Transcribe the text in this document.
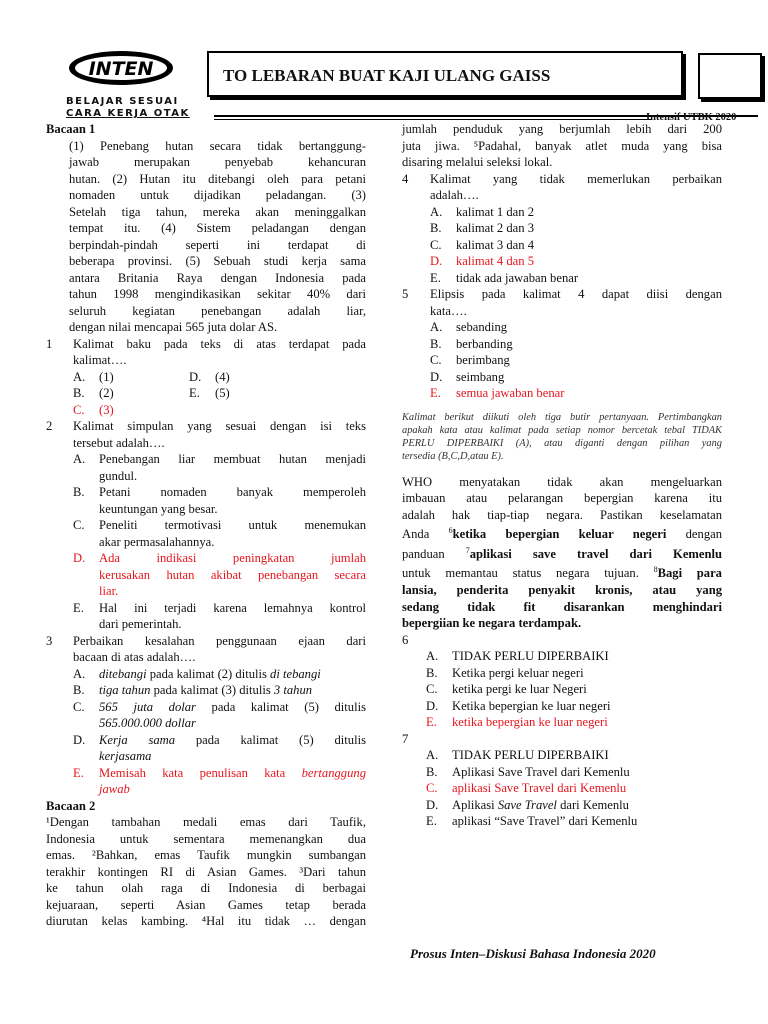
INTEN
BELAJAR SESUAI
CARA KERJA OTAK
TO LEBARAN BUAT KAJI ULANG GAISS
Intensif UTBK 2020

Bacaan 1

(1) Penebang hutan secara tidak bertanggung-

jawab merupakan penyebab kehancuran

hutan. (2) Hutan itu ditebangi oleh para petani

nomaden untuk dijadikan peladangan. (3)

Setelah tiga tahun, mereka akan meninggalkan

tempat itu. (4) Sistem peladangan dengan

berpindah-pindah seperti ini terdapat di

beberapa provinsi. (5) Sebuah studi kerja sama

antara Britania Raya dengan Indonesia pada

tahun 1998 mengindikasikan sekitar 40% dari

seluruh kegiatan penebangan adalah liar,

dengan nilai mencapai 565 juta dolar AS.

1 Kalimat baku pada teks di atas terdapat pada

kalimat….

A. (1)	D. (4)
B. (2)	E. (5)
C. (3)
2 Kalimat simpulan yang sesuai dengan isi teks

tersebut adalah….

A. Penebangan liar membuat hutan menjadi

gundul.

B. Petani nomaden banyak memperoleh

keuntungan yang besar.

C. Peneliti termotivasi untuk menemukan

akar permasalahannya.

D. Ada indikasi peningkatan jumlah

kerusakan hutan akibat penebangan secara

liar.

E. Hal ini terjadi karena lemahnya kontrol

dari pemerintah.

3 Perbaikan kesalahan penggunaan ejaan dari

bacaan di atas adalah….

A. ditebangi pada kalimat (2) ditulis di tebangi
B. tiga tahun pada kalimat (3) ditulis 3 tahun
C. 565 juta dolar pada kalimat (5) ditulis

565.000.000 dollar

D. Kerja sama pada kalimat (5) ditulis

kerjasama

E. Memisah kata penulisan kata bertanggung

jawab

Bacaan 2

¹Dengan tambahan medali emas dari Taufik,

Indonesia untuk sementara memenangkan dua

emas. ²Bahkan, emas Taufik mungkin sumbangan

terakhir kontingen RI di Asian Games. ³Dari tahun

ke tahun olah raga di Indonesia di berbagai

kejuaraan, seperti Asian Games tetap berada

diurutan kelas kambing. ⁴Hal itu tidak … dengan

jumlah penduduk yang berjumlah lebih dari 200

juta jiwa. ⁵Padahal, banyak atlet muda yang bisa

disaring melalui seleksi lokal.

4 Kalimat yang tidak memerlukan perbaikan

adalah….

A. kalimat 1 dan 2
B. kalimat 2 dan 3
C. kalimat 3 dan 4
D. kalimat 4 dan 5
E. tidak ada jawaban benar
5 Elipsis pada kalimat 4 dapat diisi dengan

kata….

A. sebanding
B. berbanding
C. berimbang
D. seimbang
E. semua jawaban benar

Kalimat berikut diikuti oleh tiga butir pertanyaan. Pertimbangkan

apakah kata atau kalimat pada setiap nomor bercetak tebal TIDAK

PERLU DIPERBAIKI (A), atau diganti dengan pilihan yang

tersedia (B,C,D,atau E).

WHO menyatakan tidak akan mengeluarkan

imbauan atau pelarangan bepergian karena itu

adalah hak tiap-tiap negara. Pastikan keselamatan

Anda $^6$ketika bepergian keluar negeri dengan

panduan $^7$aplikasi save travel dari Kemenlu

untuk memantau status negara tujuan. $^8$Bagi para

lansia, penderita penyakit kronis, atau yang

sedang tidak fit disarankan menghindari

bepergiian ke negara terdampak.

6

A. TIDAK PERLU DIPERBAIKI
B. Ketika pergi keluar negeri
C. ketika pergi ke luar Negeri
D. Ketika bepergian ke luar negeri
E. ketika bepergian ke luar negeri

7

A. TIDAK PERLU DIPERBAIKI
B. Aplikasi Save Travel dari Kemenlu
C. aplikasi Save Travel dari Kemenlu
D. Aplikasi Save Travel dari Kemenlu
E. aplikasi “Save Travel” dari Kemenlu
Prosus Inten–Diskusi Bahasa Indonesia 2020
